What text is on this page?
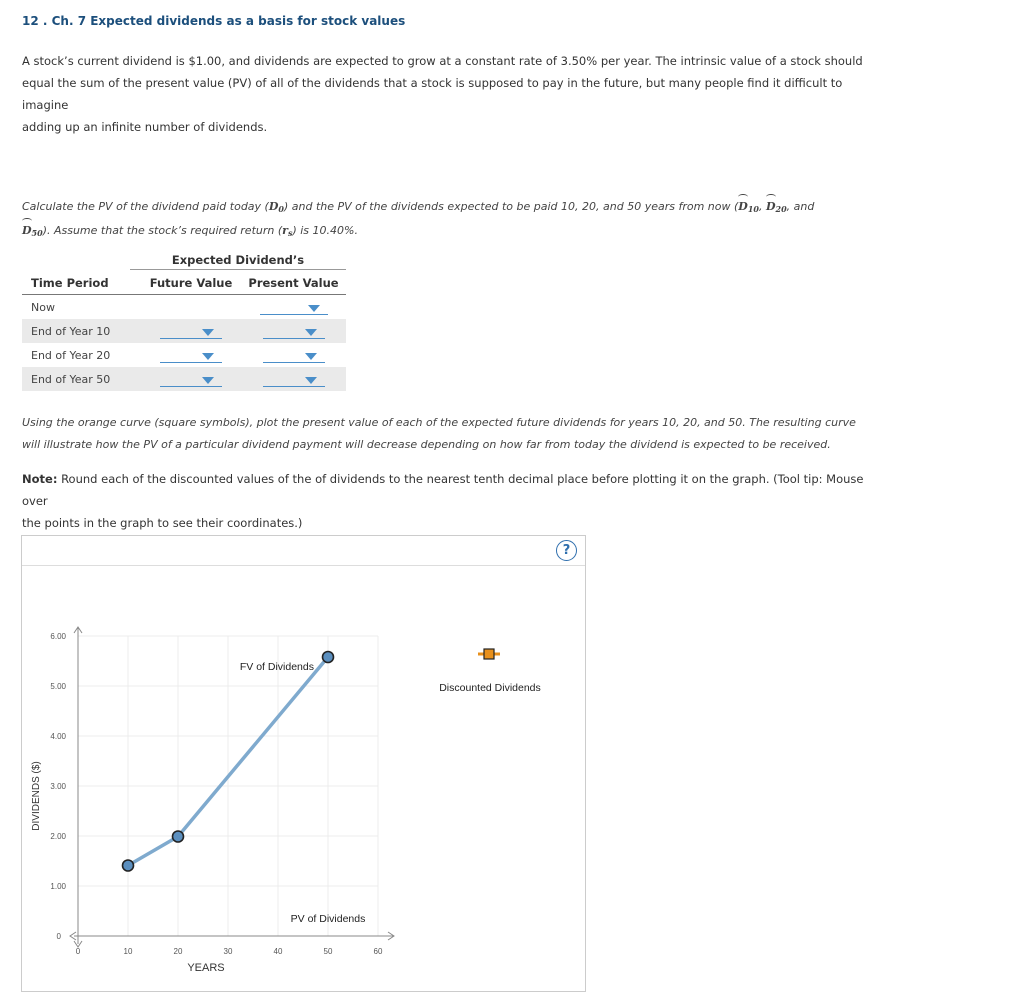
12 . Ch. 7 Expected dividends as a basis for stock values

A stock’s current dividend is $1.00, and dividends are expected to grow at a constant rate of 3.50% per year. The intrinsic value of a stock should

equal the sum of the present value (PV) of all of the dividends that a stock is supposed to pay in the future, but many people find it difficult to imagine

adding up an infinite number of dividends.

Calculate the PV of the dividend paid today (D0) and the PV of the dividends expected to be paid 10, 20, and 50 years from now (D10, D20, and
D50). Assume that the stock’s required return (rs) is 10.40%.
Expected Dividend’s		

Time Period	Future Value	Present Value
Now		
End of Year 10		
End of Year 20		
End of Year 50		
Using the orange curve (square symbols), plot the present value of each of the expected future dividends for years 10, 20, and 50. The resulting curve
will illustrate how the PV of a particular dividend payment will decrease depending on how far from today the dividend is expected to be received.
Note: Round each of the discounted values of the of dividends to the nearest tenth decimal place before plotting it on the graph. (Tool tip: Mouse over
the points in the graph to see their coordinates.)
?
0	10	20	30	40	50	60
0
1.00
2.00
3.00
4.00
5.00
6.00
YEARS
DIVIDENDS ($)
FV of Dividends
PV of Dividends
Discounted Dividends
